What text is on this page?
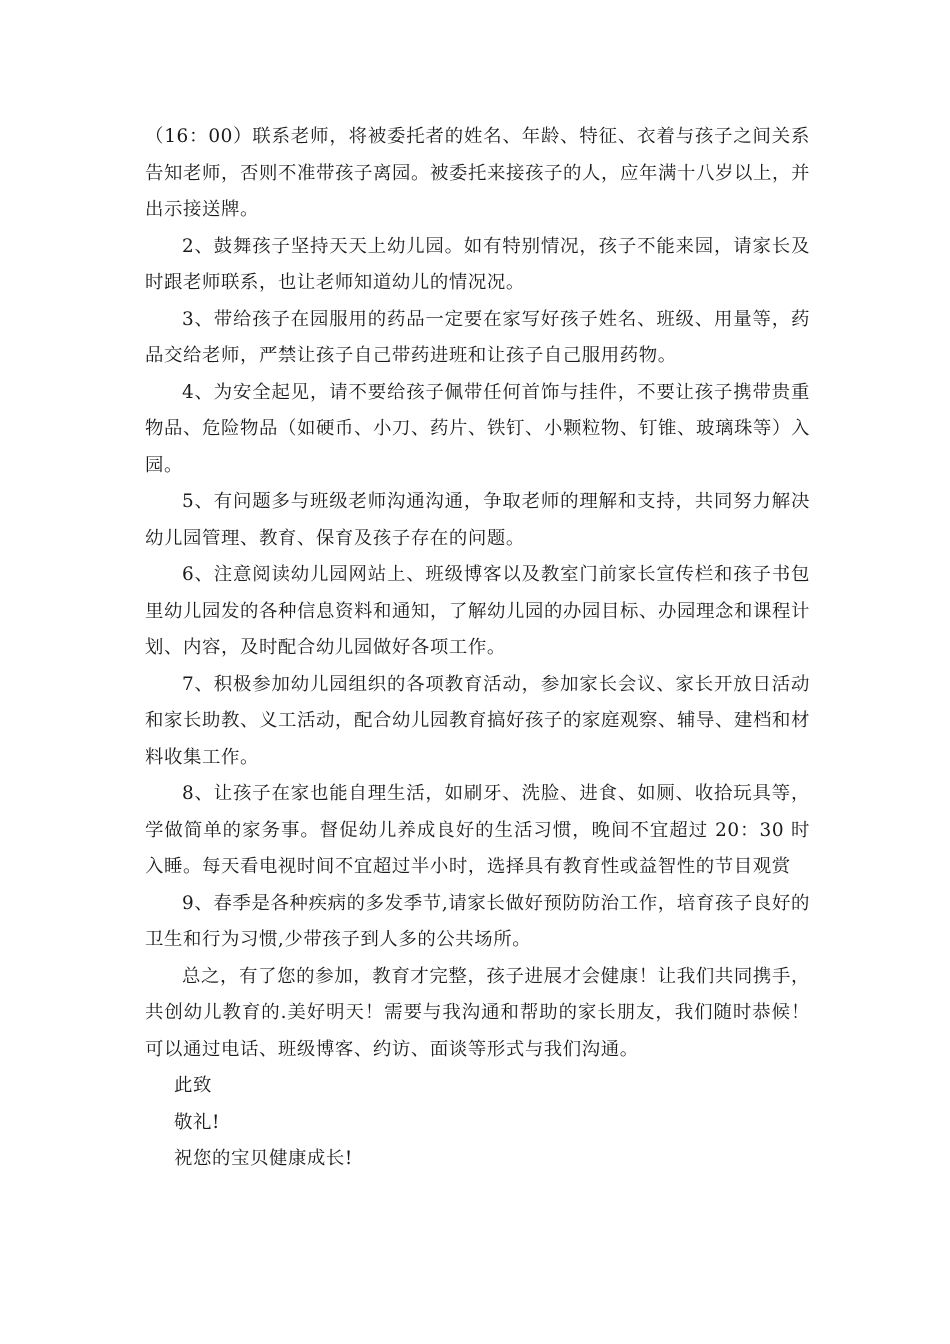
（16：00）联系老师，将被委托者的姓名、年龄、特征、衣着与孩子之间关系告知老师，否则不准带孩子离园。被委托来接孩子的人，应年满十八岁以上，并出示接送牌。

2、鼓舞孩子坚持天天上幼儿园。如有特别情况，孩子不能来园，请家长及时跟老师联系，也让老师知道幼儿的情况况。

3、带给孩子在园服用的药品一定要在家写好孩子姓名、班级、用量等，药品交给老师，严禁让孩子自己带药进班和让孩子自己服用药物。

4、为安全起见，请不要给孩子佩带任何首饰与挂件，不要让孩子携带贵重物品、危险物品（如硬币、小刀、药片、铁钉、小颗粒物、钉锥、玻璃珠等）入园。

5、有问题多与班级老师沟通沟通，争取老师的理解和支持，共同努力解决幼儿园管理、教育、保育及孩子存在的问题。

6、注意阅读幼儿园网站上、班级博客以及教室门前家长宣传栏和孩子书包里幼儿园发的各种信息资料和通知，了解幼儿园的办园目标、办园理念和课程计划、内容，及时配合幼儿园做好各项工作。

7、积极参加幼儿园组织的各项教育活动，参加家长会议、家长开放日活动和家长助教、义工活动，配合幼儿园教育搞好孩子的家庭观察、辅导、建档和材料收集工作。

8、让孩子在家也能自理生活，如刷牙、洗脸、进食、如厕、收拾玩具等，学做简单的家务事。督促幼儿养成良好的生活习惯，晚间不宜超过 20：30 时入睡。每天看电视时间不宜超过半小时，选择具有教育性或益智性的节目观赏

9、春季是各种疾病的多发季节,请家长做好预防防治工作，培育孩子良好的卫生和行为习惯,少带孩子到人多的公共场所。

总之，有了您的参加，教育才完整，孩子进展才会健康！让我们共同携手，共创幼儿教育的.美好明天！需要与我沟通和帮助的家长朋友，我们随时恭候！可以通过电话、班级博客、约访、面谈等形式与我们沟通。

此致

敬礼!

祝您的宝贝健康成长!
